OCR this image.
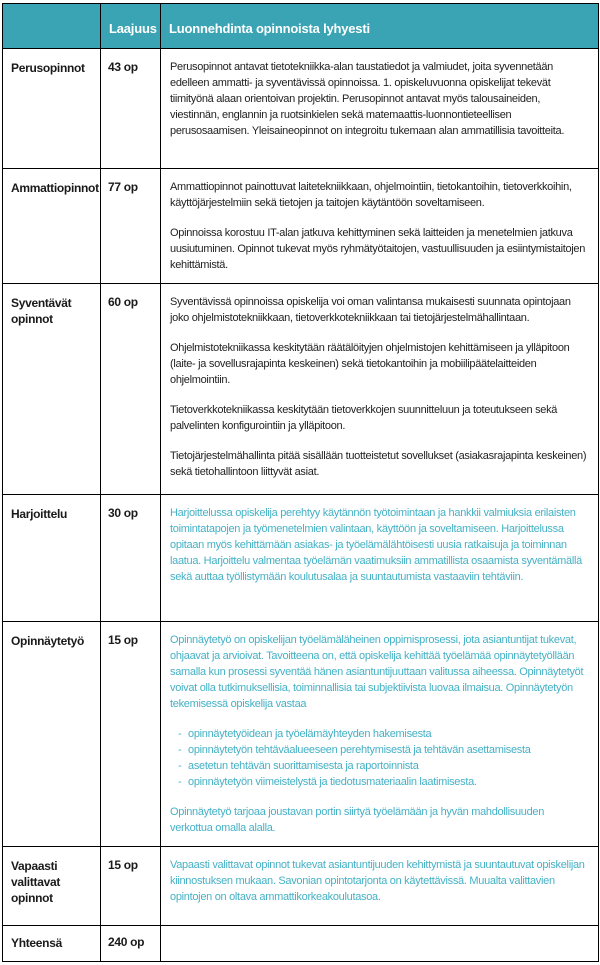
	Laajuus	Luonnehdinta opinnoista lyhyesti
Perusopinnot	43 op	Perusopinnot antavat tietotekniikka-alan taustatiedot ja valmiudet, joita syvennetään edelleen ammatti- ja syventävissä opinnoissa. 1. opiskeluvuonna opiskelijat tekevät tiimityönä alaan orientoivan projektin. Perusopinnot antavat myös talousaineiden, viestinnän, englannin ja ruotsinkielen sekä matemaattis-luonnontieteellisen perusosaamisen. Yleisaineopinnot on integroitu tukemaan alan ammatillisia tavoitteita.

Ammattiopinnot	77 op	Ammattiopinnot painottuvat laitetekniikkaan, ohjelmointiin, tietokantoihin, tietoverkkoihin, käyttöjärjestelmiin sekä tietojen ja taitojen käytäntöön soveltamiseen.
Opinnoissa korostuu IT-alan jatkuva kehittyminen sekä laitteiden ja menetelmien jatkuva uusiutuminen. Opinnot tukevat myös ryhmätyötaitojen, vastuullisuuden ja esiintymistaitojen kehittämistä.

Syventävät opinnot	60 op	Syventävissä opinnoissa opiskelija voi oman valintansa mukaisesti suunnata opintojaan joko ohjelmistotekniikkaan, tietoverkkotekniikkaan tai tietojärjestelmähallintaan.
Ohjelmistotekniikassa keskitytään räätälöityjen ohjelmistojen kehittämiseen ja ylläpitoon (laite- ja sovellusrajapinta keskeinen) sekä tietokantoihin ja mobiilipäätelaitteiden ohjelmointiin.
Tietoverkkotekniikassa keskitytään tietoverkkojen suunnitteluun ja toteutukseen sekä palvelinten konfigurointiin ja ylläpitoon.
Tietojärjestelmähallinta pitää sisällään tuotteistetut sovellukset (asiakasrajapinta keskeinen) sekä tietohallintoon liittyvät asiat.

Harjoittelu	30 op	Harjoittelussa opiskelija perehtyy käytännön työtoimintaan ja hankkii valmiuksia erilaisten toimintatapojen ja työmenetelmien valintaan, käyttöön ja soveltamiseen. Harjoittelussa opitaan myös kehittämään asiakas- ja työelämälähtöisesti uusia ratkaisuja ja toiminnan laatua. Harjoittelu valmentaa työelämän vaatimuksiin ammatillista osaamista syventämällä sekä auttaa työllistymään koulutusalaa ja suuntautumista vastaaviin tehtäviin.

Opinnäytetyö	15 op	Opinnäytetyö on opiskelijan työelämäläheinen oppimisprosessi, jota asiantuntijat tukevat, ohjaavat ja arvioivat. Tavoitteena on, että opiskelija kehittää työelämää opinnäytetyöllään samalla kun prosessi syventää hänen asiantuntijuuttaan valitussa aiheessa. Opinnäytetyöt voivat olla tutkimuksellisia, toiminnallisia tai subjektiivista luovaa ilmaisua. Opinnäytetyön tekemisessä opiskelija vastaa
- opinnäytetyöidean ja työelämäyhteyden hakemisesta
- opinnäytetyön tehtäväalueeseen perehtymisestä ja tehtävän asettamisesta
- asetetun tehtävän suorittamisesta ja raportoinnista
- opinnäytetyön viimeistelystä ja tiedotusmateriaalin laatimisesta.
Opinnäytetyö tarjoaa joustavan portin siirtyä työelämään ja hyvän mahdollisuuden verkottua omalla alalla.

Vapaasti valittavat opinnot	15 op	Vapaasti valittavat opinnot tukevat asiantuntijuuden kehittymistä ja suuntautuvat opiskelijan kiinnostuksen mukaan. Savonian opintotarjonta on käytettävissä. Muualta valittavien opintojen on oltava ammattikorkeakoulutasoa.

Yhteensä	240 op	
